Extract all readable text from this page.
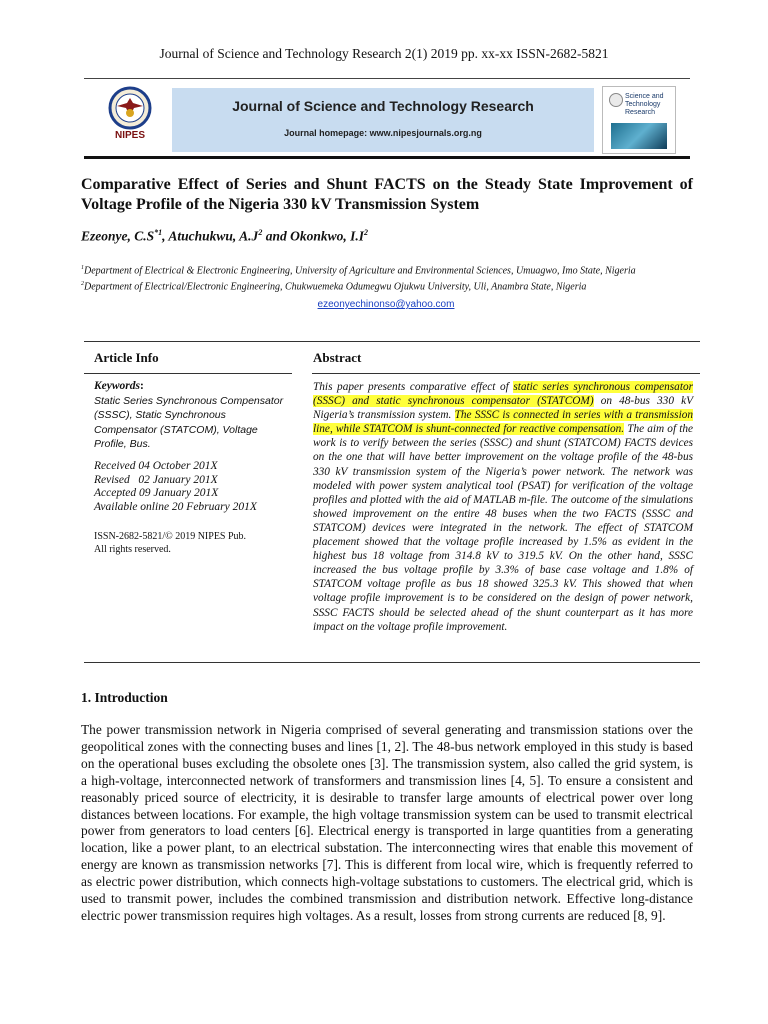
Journal of Science and Technology Research 2(1) 2019 pp. xx-xx ISSN-2682-5821
NIPES
Journal of Science and Technology Research
Journal homepage: www.nipesjournals.org.ng
Science and Technology Research
Comparative Effect of Series and Shunt FACTS on the Steady State Improvement of Voltage Profile of the Nigeria 330 kV Transmission System
Ezeonye, $C.S^{*1}$, Atuchukwu, $A.J^2$ and Okonkwo, $I.I^2$
$^1$Department of Electrical & Electronic Engineering, University of Agriculture and Environmental Sciences, Umuagwo, Imo State, Nigeria
$^2$Department of Electrical/Electronic Engineering, Chukwuemeka Odumegwu Ojukwu University, Uli, Anambra State, Nigeria
ezeonyechinonso@yahoo.com
Article Info	Abstract
Keywords:
Static Series Synchronous Compensator (SSSC), Static Synchronous Compensator (STATCOM), Voltage Profile, Bus.
Received 04 October 201X
Revised   02 January 201X
Accepted 09 January 201X
Available online 20 February 201X
ISSN-2682-5821/© 2019 NIPES Pub.
All rights reserved.
This paper presents comparative effect of static series synchronous compensator (SSSC) and static synchronous compensator (STATCOM) on 48-bus 330 kV Nigeria’s transmission system. The SSSC is connected in series with a transmission line, while STATCOM is shunt-connected for reactive compensation. The aim of the work is to verify between the series (SSSC) and shunt (STATCOM) FACTS devices on the one that will have better improvement on the voltage profile of the 48-bus 330 kV transmission system of the Nigeria’s power network. The network was modeled with power system analytical tool (PSAT) for verification of the voltage profiles and plotted with the aid of MATLAB m-file. The outcome of the simulations showed improvement on the entire 48 buses when the two FACTS (SSSC and STATCOM) devices were integrated in the network. The effect of STATCOM placement showed that the voltage profile increased by 1.5% as evident in the highest bus 18 voltage from 314.8 kV to 319.5 kV. On the other hand, SSSC increased the bus voltage profile by 3.3% of base case voltage and 1.8% of STATCOM voltage profile as bus 18 showed 325.3 kV. This showed that when voltage profile improvement is to be considered on the design of power network, SSSC FACTS should be selected ahead of the shunt counterpart as it has more impact on the voltage profile improvement.
1. Introduction
The power transmission network in Nigeria comprised of several generating and transmission stations over the geopolitical zones with the connecting buses and lines [1, 2]. The 48-bus network employed in this study is based on the operational buses excluding the obsolete ones [3]. The transmission system, also called the grid system, is a high-voltage, interconnected network of transformers and transmission lines [4, 5]. To ensure a consistent and reasonably priced source of electricity, it is desirable to transfer large amounts of electrical power over long distances between locations. For example, the high voltage transmission system can be used to transmit electrical power from generators to load centers [6]. Electrical energy is transported in large quantities from a generating location, like a power plant, to an electrical substation. The interconnecting wires that enable this movement of energy are known as transmission networks [7]. This is different from local wire, which is frequently referred to as electric power distribution, which connects high-voltage substations to customers. The electrical grid, which is used to transmit power, includes the combined transmission and distribution network. Effective long-distance electric power transmission requires high voltages. As a result, losses from strong currents are reduced [8, 9].
